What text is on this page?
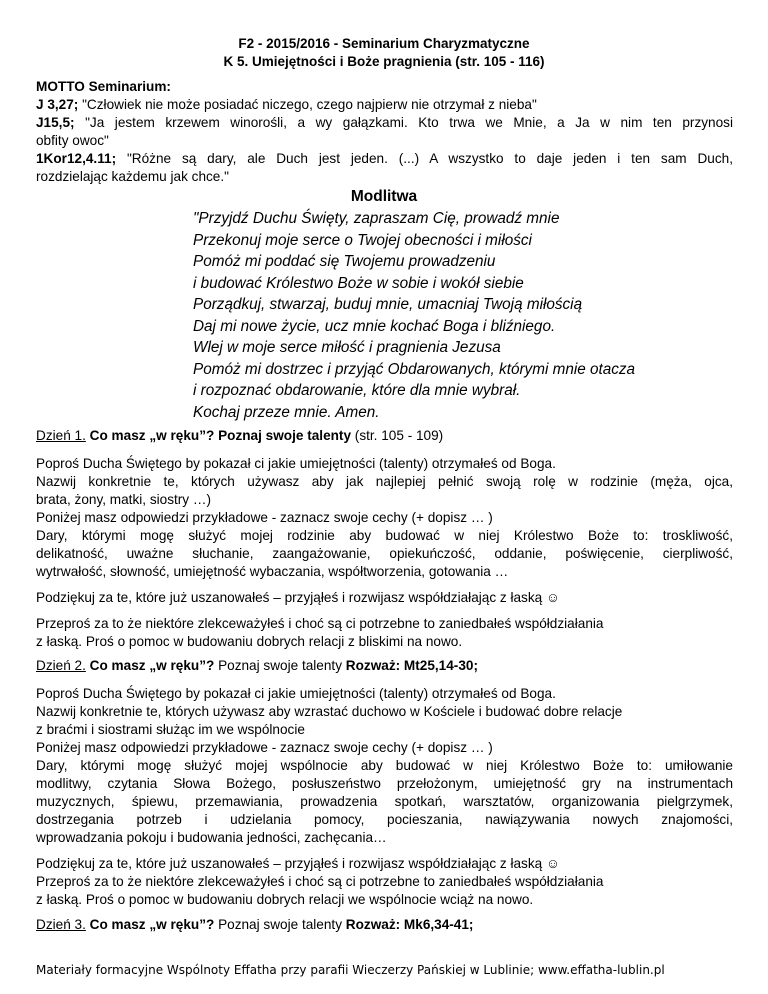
F2 - 2015/2016 - Seminarium Charyzmatyczne
K 5. Umiejętności i Boże pragnienia (str. 105 - 116)
MOTTO Seminarium:
J 3,27; "Człowiek nie może posiadać niczego, czego najpierw nie otrzymał z nieba"
J15,5; "Ja jestem krzewem winorośli, a wy gałązkami. Kto trwa we Mnie, a Ja w nim ten przynosi
obfity owoc"
1Kor12,4.11; "Różne są dary, ale Duch jest jeden. (...) A wszystko to daje jeden i ten sam Duch,
rozdzielając każdemu jak chce."
Modlitwa
"Przyjdź Duchu Święty, zapraszam Cię, prowadź mnie
Przekonuj moje serce o Twojej obecności i miłości
Pomóż mi poddać się Twojemu prowadzeniu
i budować Królestwo Boże w sobie i wokół siebie
Porządkuj, stwarzaj, buduj mnie, umacniaj Twoją miłością
Daj mi nowe życie, ucz mnie kochać Boga i bliźniego.
Wlej w moje serce miłość i pragnienia Jezusa
Pomóż mi dostrzec i przyjąć Obdarowanych, którymi mnie otacza
i rozpoznać obdarowanie, które dla mnie wybrał.
Kochaj przeze mnie. Amen.
Dzień 1. Co masz „w ręku”? Poznaj swoje talenty (str. 105 - 109)
Poproś Ducha Świętego by pokazał ci jakie umiejętności (talenty) otrzymałeś od Boga.
Nazwij konkretnie te, których używasz aby jak najlepiej pełnić swoją rolę w rodzinie (męża, ojca,
brata, żony, matki, siostry …)
Poniżej masz odpowiedzi przykładowe - zaznacz swoje cechy (+ dopisz … )
Dary, którymi mogę służyć mojej rodzinie aby budować w niej Królestwo Boże to: troskliwość,
delikatność, uważne słuchanie, zaangażowanie, opiekuńczość, oddanie, poświęcenie, cierpliwość,
wytrwałość, słowność, umiejętność wybaczania, współtworzenia, gotowania …
Podziękuj za te, które już uszanowałeś – przyjąłeś i rozwijasz współdziałając z łaską ☺
Przeproś za to że niektóre zlekceważyłeś i choć są ci potrzebne to zaniedbałeś współdziałania
z łaską. Proś o pomoc w budowaniu dobrych relacji z bliskimi na nowo.
Dzień 2. Co masz „w ręku”? Poznaj swoje talenty Rozważ: Mt25,14-30;
Poproś Ducha Świętego by pokazał ci jakie umiejętności (talenty) otrzymałeś od Boga.
Nazwij konkretnie te, których używasz aby wzrastać duchowo w Kościele i budować dobre relacje
z braćmi i siostrami służąc im we wspólnocie
Poniżej masz odpowiedzi przykładowe - zaznacz swoje cechy (+ dopisz … )
Dary, którymi mogę służyć mojej wspólnocie aby budować w niej Królestwo Boże to: umiłowanie
modlitwy, czytania Słowa Bożego, posłuszeństwo przełożonym, umiejętność gry na instrumentach
muzycznych, śpiewu, przemawiania, prowadzenia spotkań, warsztatów, organizowania pielgrzymek,
dostrzegania potrzeb i udzielania pomocy, pocieszania, nawiązywania nowych znajomości,
wprowadzania pokoju i budowania jedności, zachęcania…
Podziękuj za te, które już uszanowałeś – przyjąłeś i rozwijasz współdziałając z łaską ☺
Przeproś za to że niektóre zlekceważyłeś i choć są ci potrzebne to zaniedbałeś współdziałania
z łaską. Proś o pomoc w budowaniu dobrych relacji we wspólnocie wciąż na nowo.
Dzień 3. Co masz „w ręku”? Poznaj swoje talenty Rozważ: Mk6,34-41;
Materiały formacyjne Wspólnoty Effatha przy parafii Wieczerzy Pańskiej w Lublinie; www.effatha-lublin.pl
